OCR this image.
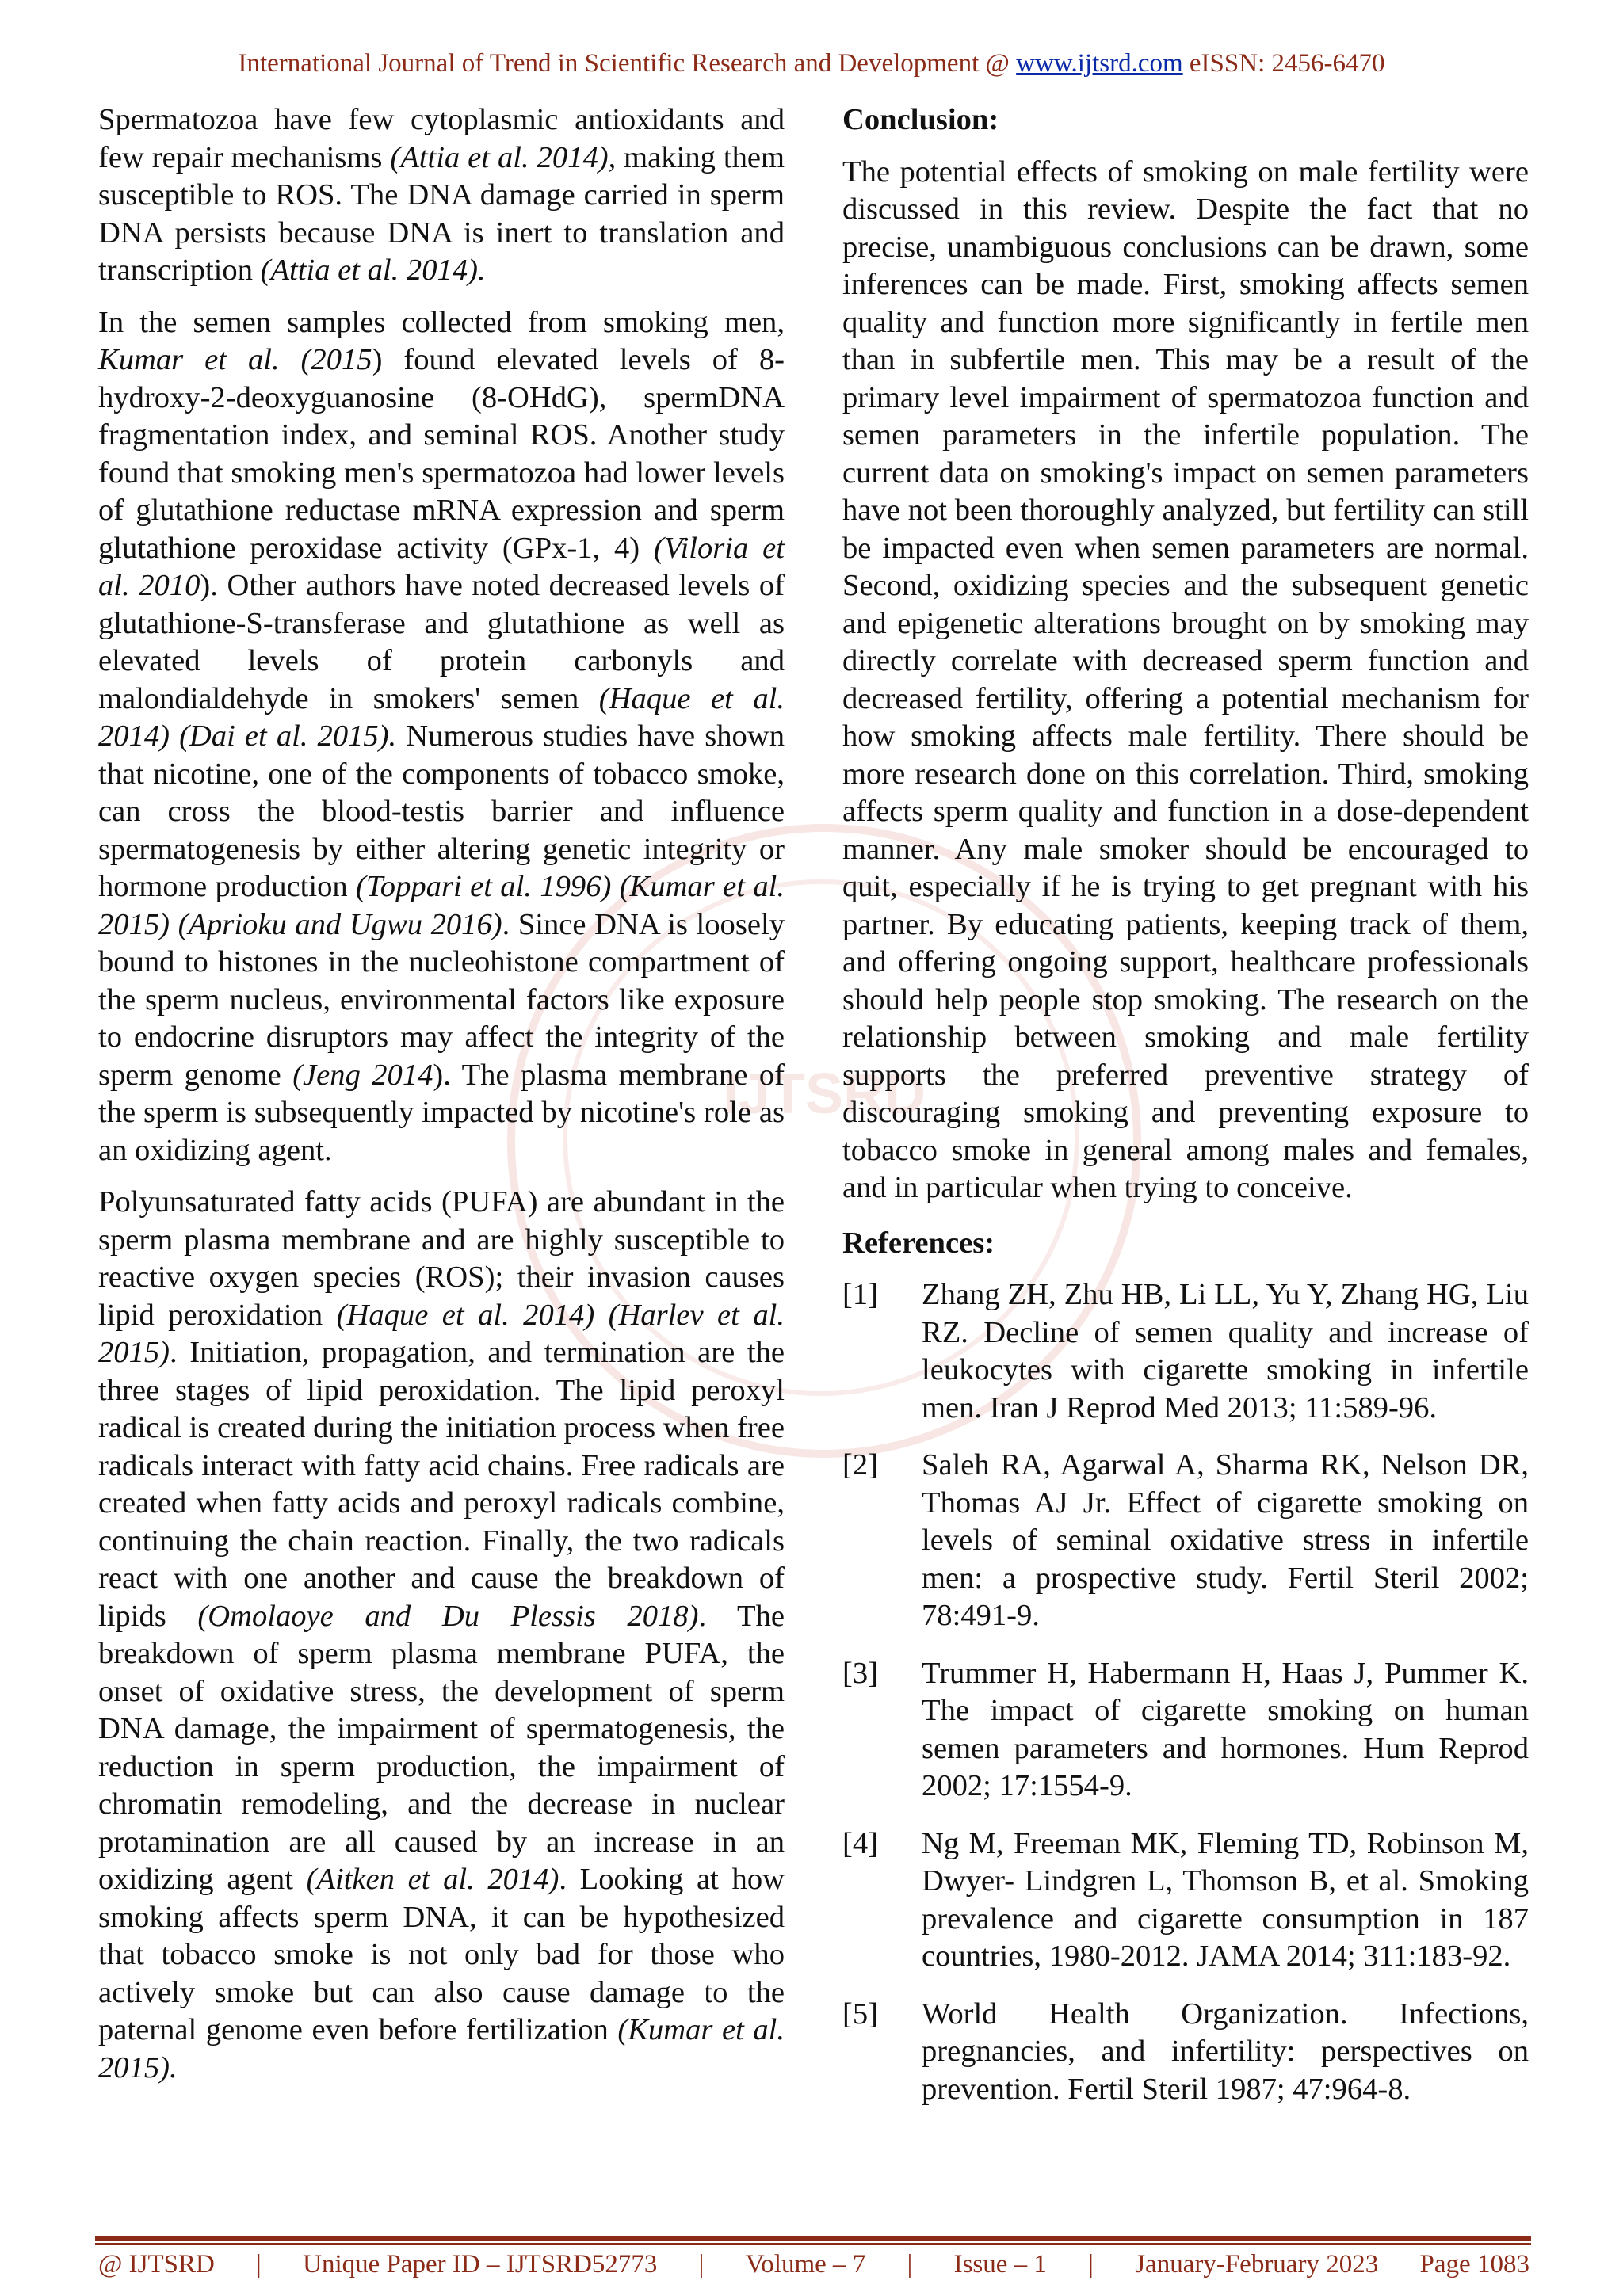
IJTSRD
International Journal of Trend in Scientific Research and Development @ www.ijtsrd.com eISSN: 2456-6470

Spermatozoa have few cytoplasmic antioxidants and few repair mechanisms (Attia et al. 2014), making them susceptible to ROS. The DNA damage carried in sperm DNA persists because DNA is inert to translation and transcription (Attia et al. 2014).

In the semen samples collected from smoking men, Kumar et al. (2015) found elevated levels of 8-hydroxy-2-deoxyguanosine (8-OHdG), spermDNA fragmentation index, and seminal ROS. Another study found that smoking men's spermatozoa had lower levels of glutathione reductase mRNA expression and sperm glutathione peroxidase activity (GPx-1, 4) (Viloria et al. 2010). Other authors have noted decreased levels of glutathione-S-transferase and glutathione as well as elevated levels of protein carbonyls and malondialdehyde in smokers' semen (Haque et al. 2014) (Dai et al. 2015). Numerous studies have shown that nicotine, one of the components of tobacco smoke, can cross the blood-testis barrier and influence spermatogenesis by either altering genetic integrity or hormone production (Toppari et al. 1996) (Kumar et al. 2015) (Aprioku and Ugwu 2016). Since DNA is loosely bound to histones in the nucleohistone compartment of the sperm nucleus, environmental factors like exposure to endocrine disruptors may affect the integrity of the sperm genome (Jeng 2014). The plasma membrane of the sperm is subsequently impacted by nicotine's role as an oxidizing agent.

Polyunsaturated fatty acids (PUFA) are abundant in the sperm plasma membrane and are highly susceptible to reactive oxygen species (ROS); their invasion causes lipid peroxidation (Haque et al. 2014) (Harlev et al. 2015). Initiation, propagation, and termination are the three stages of lipid peroxidation. The lipid peroxyl radical is created during the initiation process when free radicals interact with fatty acid chains. Free radicals are created when fatty acids and peroxyl radicals combine, continuing the chain reaction. Finally, the two radicals react with one another and cause the breakdown of lipids (Omolaoye and Du Plessis 2018). The breakdown of sperm plasma membrane PUFA, the onset of oxidative stress, the development of sperm DNA damage, the impairment of spermatogenesis, the reduction in sperm production, the impairment of chromatin remodeling, and the decrease in nuclear protamination are all caused by an increase in an oxidizing agent (Aitken et al. 2014). Looking at how smoking affects sperm DNA, it can be hypothesized that tobacco smoke is not only bad for those who actively smoke but can also cause damage to the paternal genome even before fertilization (Kumar et al. 2015).

Conclusion:

The potential effects of smoking on male fertility were discussed in this review. Despite the fact that no precise, unambiguous conclusions can be drawn, some inferences can be made. First, smoking affects semen quality and function more significantly in fertile men than in subfertile men. This may be a result of the primary level impairment of spermatozoa function and semen parameters in the infertile population. The current data on smoking's impact on semen parameters have not been thoroughly analyzed, but fertility can still be impacted even when semen parameters are normal. Second, oxidizing species and the subsequent genetic and epigenetic alterations brought on by smoking may directly correlate with decreased sperm function and decreased fertility, offering a potential mechanism for how smoking affects male fertility. There should be more research done on this correlation. Third, smoking affects sperm quality and function in a dose-dependent manner. Any male smoker should be encouraged to quit, especially if he is trying to get pregnant with his partner. By educating patients, keeping track of them, and offering ongoing support, healthcare professionals should help people stop smoking. The research on the relationship between smoking and male fertility supports the preferred preventive strategy of discouraging smoking and preventing exposure to tobacco smoke in general among males and females, and in particular when trying to conceive.

References:

[1]	Zhang ZH, Zhu HB, Li LL, Yu Y, Zhang HG, Liu RZ. Decline of semen quality and increase of leukocytes with cigarette smoking in infertile men. Iran J Reprod Med 2013; 11:589-96.
[2]	Saleh RA, Agarwal A, Sharma RK, Nelson DR, Thomas AJ Jr. Effect of cigarette smoking on levels of seminal oxidative stress in infertile men: a prospective study. Fertil Steril 2002; 78:491-9.
[3]	Trummer H, Habermann H, Haas J, Pummer K. The impact of cigarette smoking on human semen parameters and hormones. Hum Reprod 2002; 17:1554-9.
[4]	Ng M, Freeman MK, Fleming TD, Robinson M, Dwyer- Lindgren L, Thomson B, et al. Smoking prevalence and cigarette consumption in 187 countries, 1980-2012. JAMA 2014; 311:183-92.
[5]	World Health Organization. Infections, pregnancies, and infertility: perspectives on prevention. Fertil Steril 1987; 47:964-8.
@ IJTSRD | Unique Paper ID – IJTSRD52773 | Volume – 7 | Issue – 1 | January-February 2023 Page 1083
